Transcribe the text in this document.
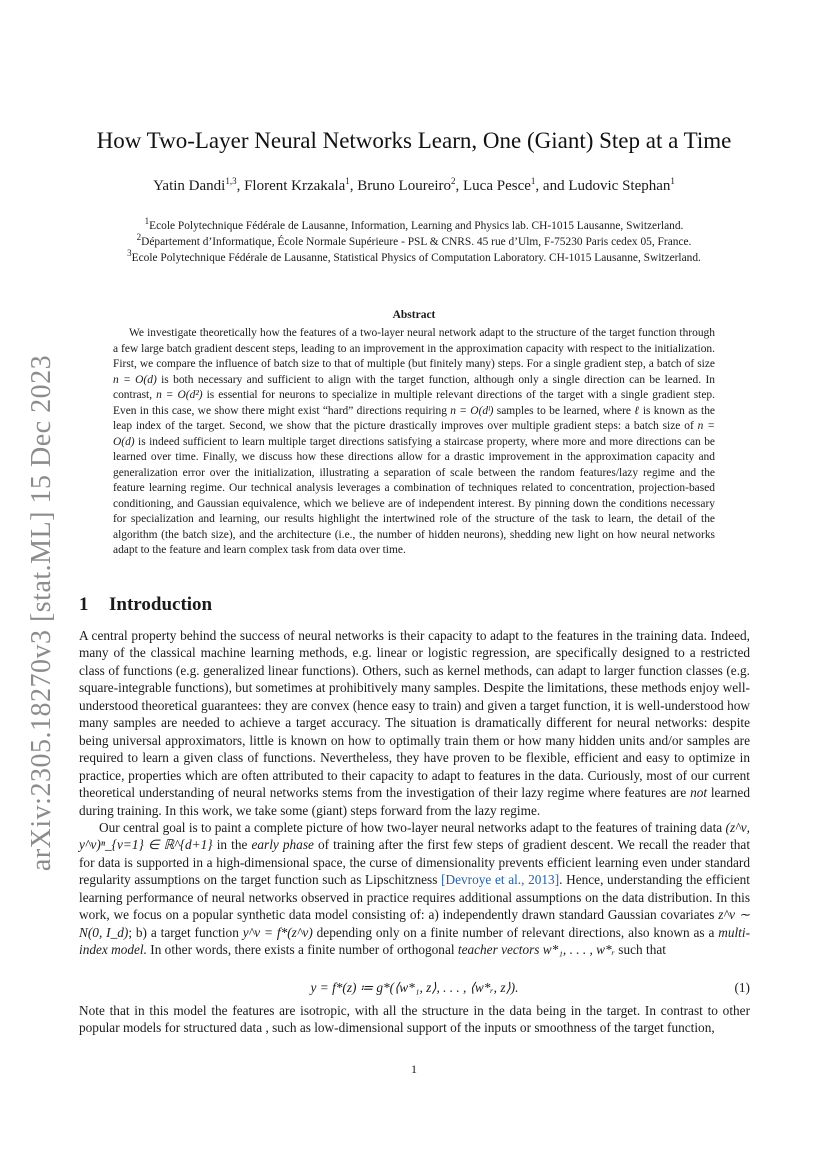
arXiv:2305.18270v3 [stat.ML] 15 Dec 2023
How Two-Layer Neural Networks Learn, One (Giant) Step at a Time
Yatin Dandi$^{1,3}$, Florent Krzakala$^1$, Bruno Loureiro$^2$, Luca Pesce$^1$, and Ludovic Stephan$^1$
$^1$Ecole Polytechnique Fédérale de Lausanne, Information, Learning and Physics lab. CH-1015 Lausanne, Switzerland.
$^2$Département d’Informatique, École Normale Supérieure - PSL & CNRS. 45 rue d’Ulm, F-75230 Paris cedex 05, France.
$^3$Ecole Polytechnique Fédérale de Lausanne, Statistical Physics of Computation Laboratory. CH-1015 Lausanne, Switzerland.
Abstract

We investigate theoretically how the features of a two-layer neural network adapt to the structure of the target function through a few large batch gradient descent steps, leading to an improvement in the approximation capacity with respect to the initialization. First, we compare the influence of batch size to that of multiple (but finitely many) steps. For a single gradient step, a batch of size n = O(d) is both necessary and sufficient to align with the target function, although only a single direction can be learned. In contrast, n = O(d²) is essential for neurons to specialize in multiple relevant directions of the target with a single gradient step. Even in this case, we show there might exist “hard” directions requiring n = O(dˡ) samples to be learned, where ℓ is known as the leap index of the target. Second, we show that the picture drastically improves over multiple gradient steps: a batch size of n = O(d) is indeed sufficient to learn multiple target directions satisfying a staircase property, where more and more directions can be learned over time. Finally, we discuss how these directions allow for a drastic improvement in the approximation capacity and generalization error over the initialization, illustrating a separation of scale between the random features/lazy regime and the feature learning regime. Our technical analysis leverages a combination of techniques related to concentration, projection-based conditioning, and Gaussian equivalence, which we believe are of independent interest. By pinning down the conditions necessary for specialization and learning, our results highlight the intertwined role of the structure of the task to learn, the detail of the algorithm (the batch size), and the architecture (i.e., the number of hidden neurons), shedding new light on how neural networks adapt to the feature and learn complex task from data over time.

1 Introduction

A central property behind the success of neural networks is their capacity to adapt to the features in the training data. Indeed, many of the classical machine learning methods, e.g. linear or logistic regression, are specifically designed to a restricted class of functions (e.g. generalized linear functions). Others, such as kernel methods, can adapt to larger function classes (e.g. square-integrable functions), but sometimes at prohibitively many samples. Despite the limitations, these methods enjoy well-understood theoretical guarantees: they are convex (hence easy to train) and given a target function, it is well-understood how many samples are needed to achieve a target accuracy. The situation is dramatically different for neural networks: despite being universal approximators, little is known on how to optimally train them or how many hidden units and/or samples are required to learn a given class of functions. Nevertheless, they have proven to be flexible, efficient and easy to optimize in practice, properties which are often attributed to their capacity to adapt to features in the data. Curiously, most of our current theoretical understanding of neural networks stems from the investigation of their lazy regime where features are not learned during training. In this work, we take some (giant) steps forward from the lazy regime.

Our central goal is to paint a complete picture of how two-layer neural networks adapt to the features of training data (z^ν, y^ν)ⁿ_{ν=1} ∈ ℝ^{d+1} in the early phase of training after the first few steps of gradient descent. We recall the reader that for data is supported in a high-dimensional space, the curse of dimensionality prevents efficient learning even under standard regularity assumptions on the target function such as Lipschitzness [Devroye et al., 2013]. Hence, understanding the efficient learning performance of neural networks observed in practice requires additional assumptions on the data distribution. In this work, we focus on a popular synthetic data model consisting of: a) independently drawn standard Gaussian covariates z^ν ∼ N(0, I_d); b) a target function y^ν = f*(z^ν) depending only on a finite number of relevant directions, also known as a multi-index model. In other words, there exists a finite number of orthogonal teacher vectors w*₁, . . . , w*ᵣ such that

y = f*(z) ≔ g*(⟨w*₁, z⟩, . . . , ⟨w*ᵣ, z⟩).	(1)

Note that in this model the features are isotropic, with all the structure in the data being in the target. In contrast to other popular models for structured data , such as low-dimensional support of the inputs or smoothness of the target function,

1
